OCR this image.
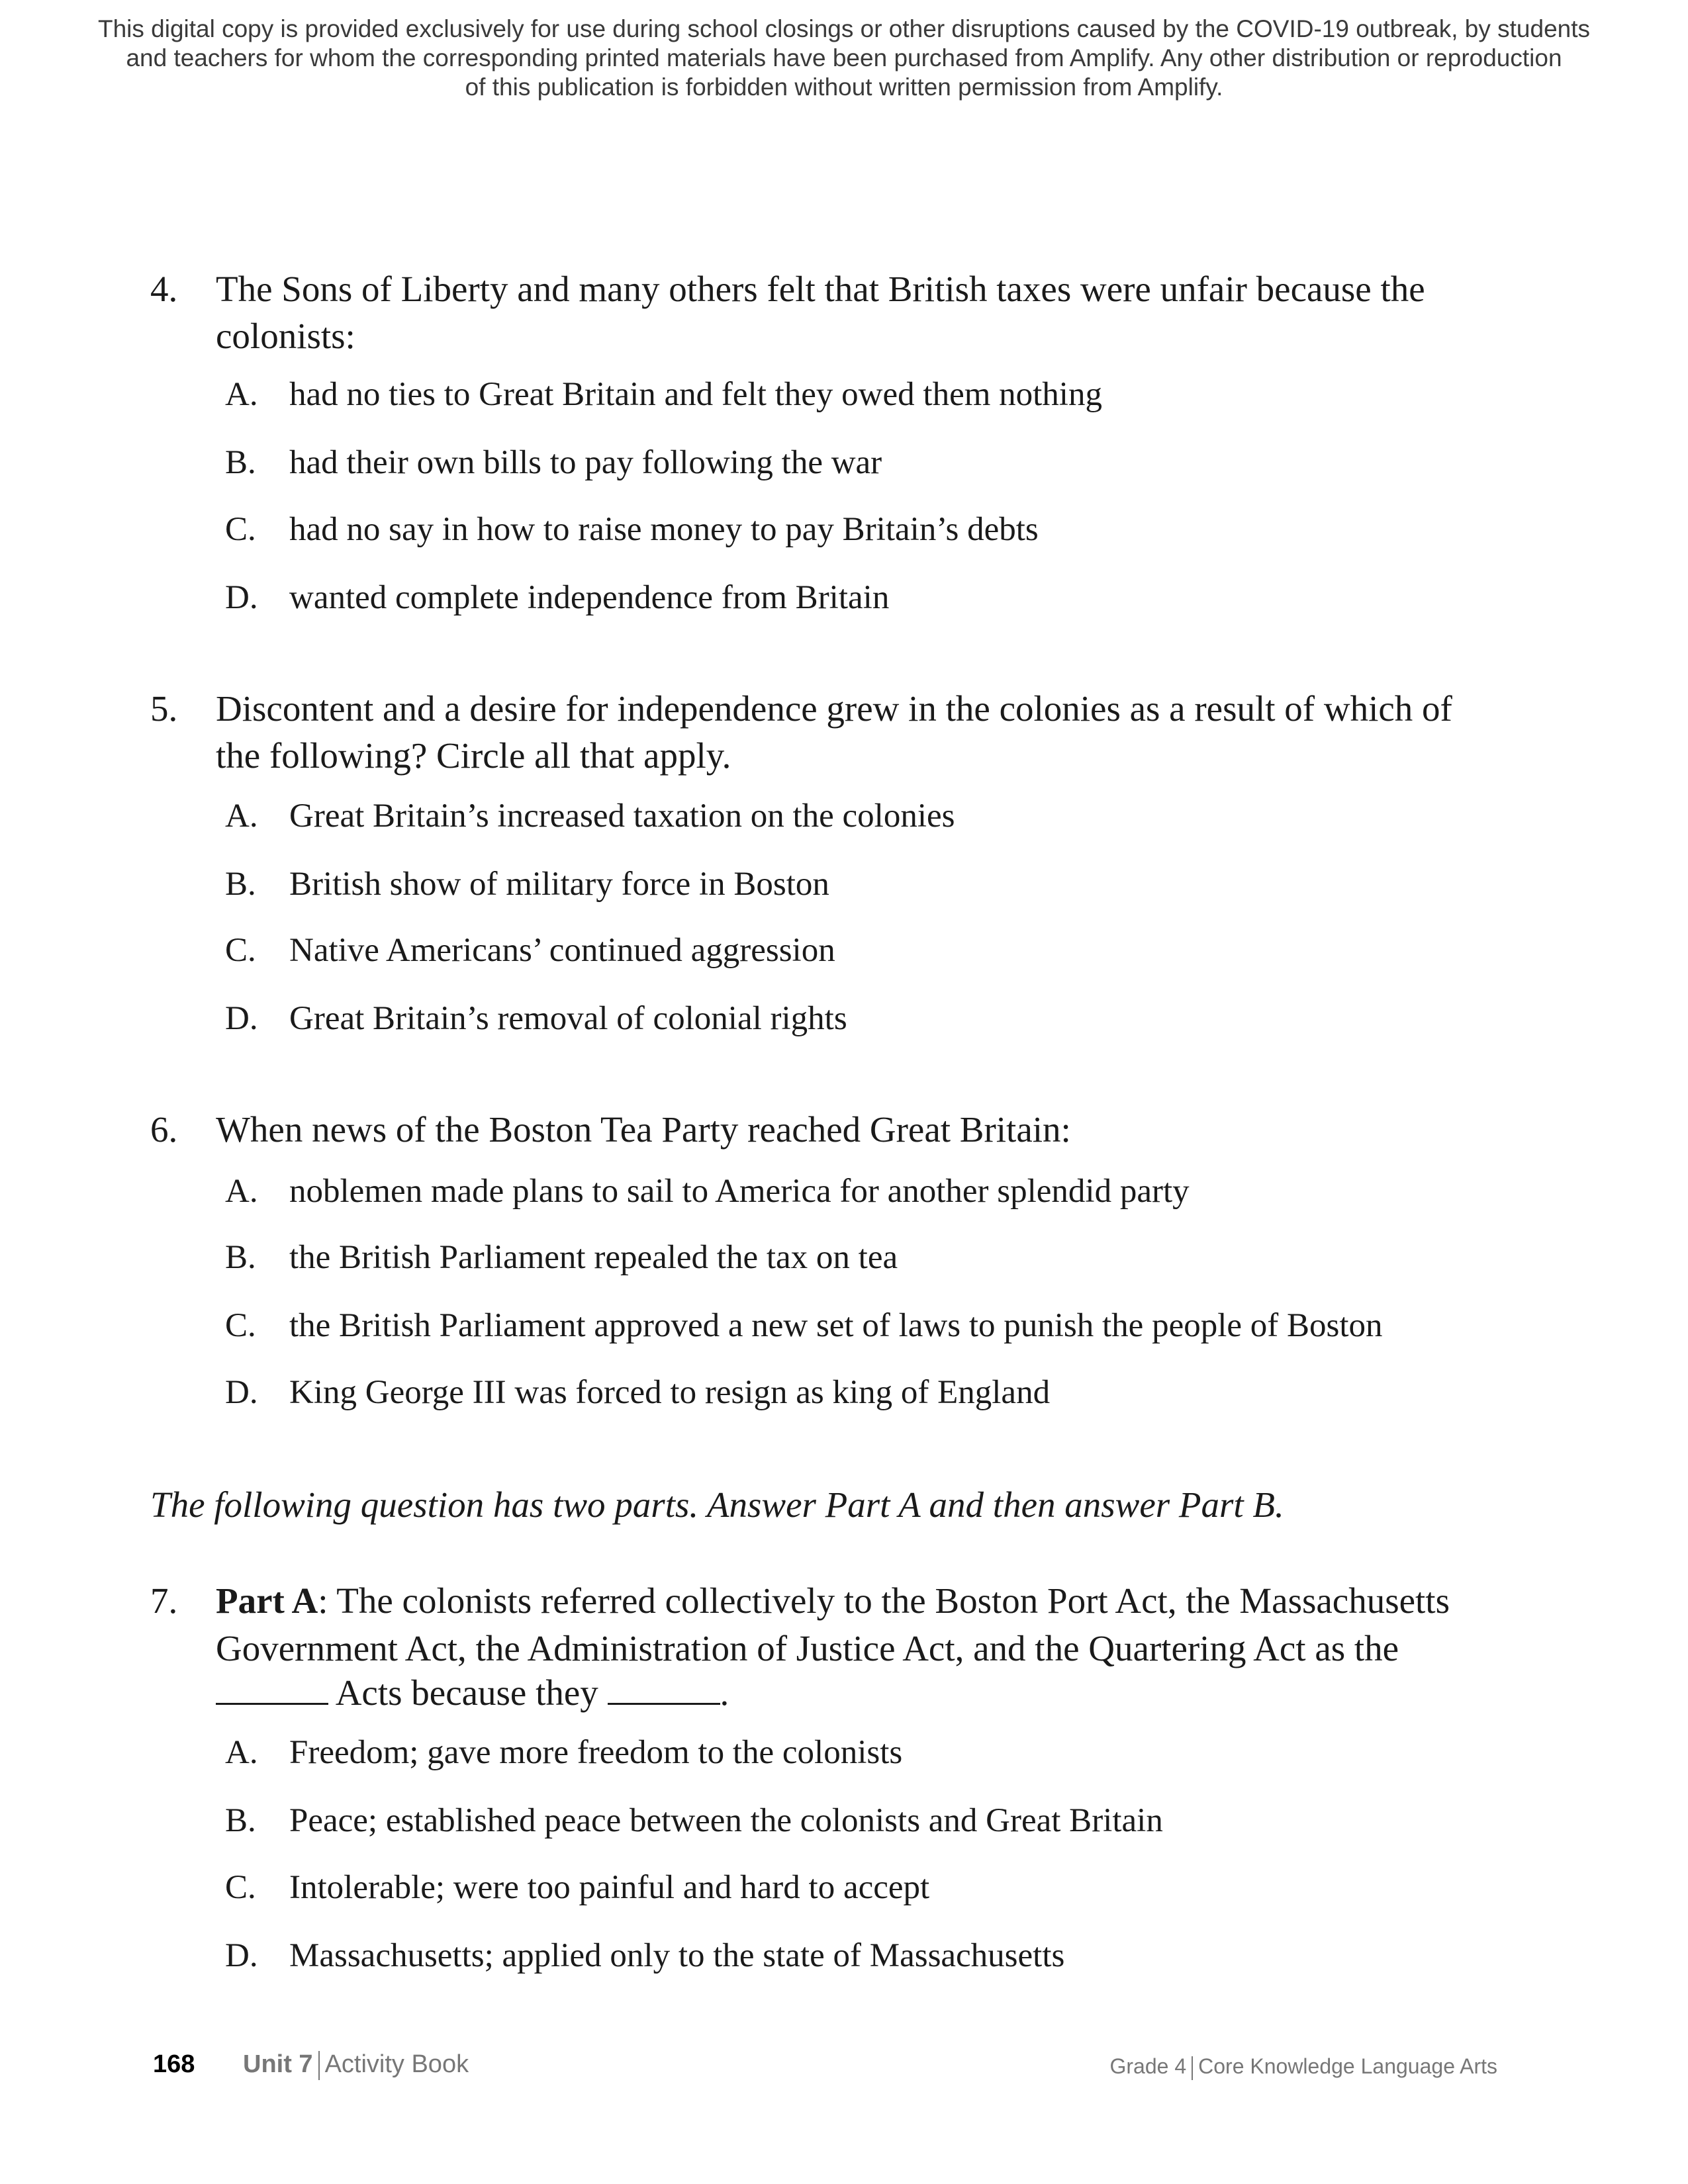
This digital copy is provided exclusively for use during school closings or other disruptions caused by the COVID-19 outbreak, by students
and teachers for whom the corresponding printed materials have been purchased from Amplify. Any other distribution or reproduction
of this publication is forbidden without written permission from Amplify.
4. The Sons of Liberty and many others felt that British taxes were unfair because the
colonists:
A. had no ties to Great Britain and felt they owed them nothing
B. had their own bills to pay following the war
C. had no say in how to raise money to pay Britain’s debts
D. wanted complete independence from Britain
5. Discontent and a desire for independence grew in the colonies as a result of which of
the following? Circle all that apply.
A. Great Britain’s increased taxation on the colonies
B. British show of military force in Boston
C. Native Americans’ continued aggression
D. Great Britain’s removal of colonial rights
6. When news of the Boston Tea Party reached Great Britain:
A. noblemen made plans to sail to America for another splendid party
B. the British Parliament repealed the tax on tea
C. the British Parliament approved a new set of laws to punish the people of Boston
D. King George III was forced to resign as king of England
The following question has two parts. Answer Part A and then answer Part B.
7. Part A: The colonists referred collectively to the Boston Port Act, the Massachusetts
Government Act, the Administration of Justice Act, and the Quartering Act as the
Acts because they	.
A. Freedom; gave more freedom to the colonists
B. Peace; established peace between the colonists and Great Britain
C. Intolerable; were too painful and hard to accept
D. Massachusetts; applied only to the state of Massachusetts
168 Unit 7 Activity Book	Grade 4 Core Knowledge Language Arts
